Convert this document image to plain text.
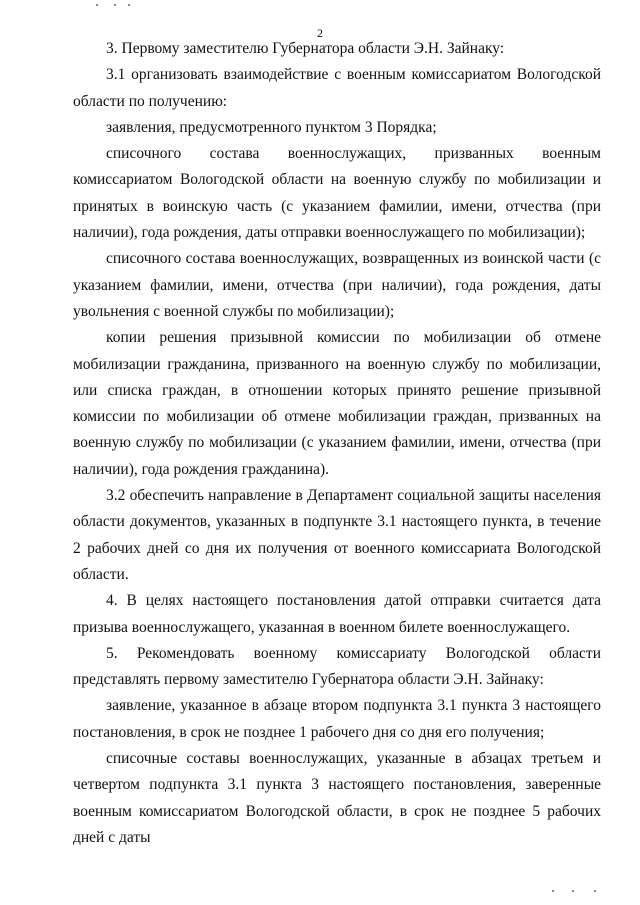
2

3. Первому заместителю Губернатора области Э.Н. Зайнаку:

3.1 организовать взаимодействие с военным комиссариатом Вологодской области по получению:

заявления, предусмотренного пунктом 3 Порядка;

списочного состава военнослужащих, призванных военным комиссариатом Вологодской области на военную службу по мобилизации и принятых в воинскую часть (с указанием фамилии, имени, отчества (при наличии), года рождения, даты отправки военнослужащего по мобилизации);

списочного состава военнослужащих, возвращенных из воинской части (с указанием фамилии, имени, отчества (при наличии), года рождения, даты увольнения с военной службы по мобилизации);

копии решения призывной комиссии по мобилизации об отмене мобилизации гражданина, призванного на военную службу по мобилизации, или списка граждан, в отношении которых принято решение призывной комиссии по мобилизации об отмене мобилизации граждан, призванных на военную службу по мобилизации (с указанием фамилии, имени, отчества (при наличии), года рождения гражданина).

3.2 обеспечить направление в Департамент социальной защиты населения области документов, указанных в подпункте 3.1 настоящего пункта, в течение 2 рабочих дней со дня их получения от военного комиссариата Вологодской области.

4. В целях настоящего постановления датой отправки считается дата призыва военнослужащего, указанная в военном билете военнослужащего.

5. Рекомендовать военному комиссариату Вологодской области представлять первому заместителю Губернатора области Э.Н. Зайнаку:

заявление, указанное в абзаце втором подпункта 3.1 пункта 3 настоящего постановления, в срок не позднее 1 рабочего дня со дня его получения;

списочные составы военнослужащих, указанные в абзацах третьем и четвертом подпункта 3.1 пункта 3 настоящего постановления, заверенные военным комиссариатом Вологодской области, в срок не позднее 5 рабочих дней с даты
